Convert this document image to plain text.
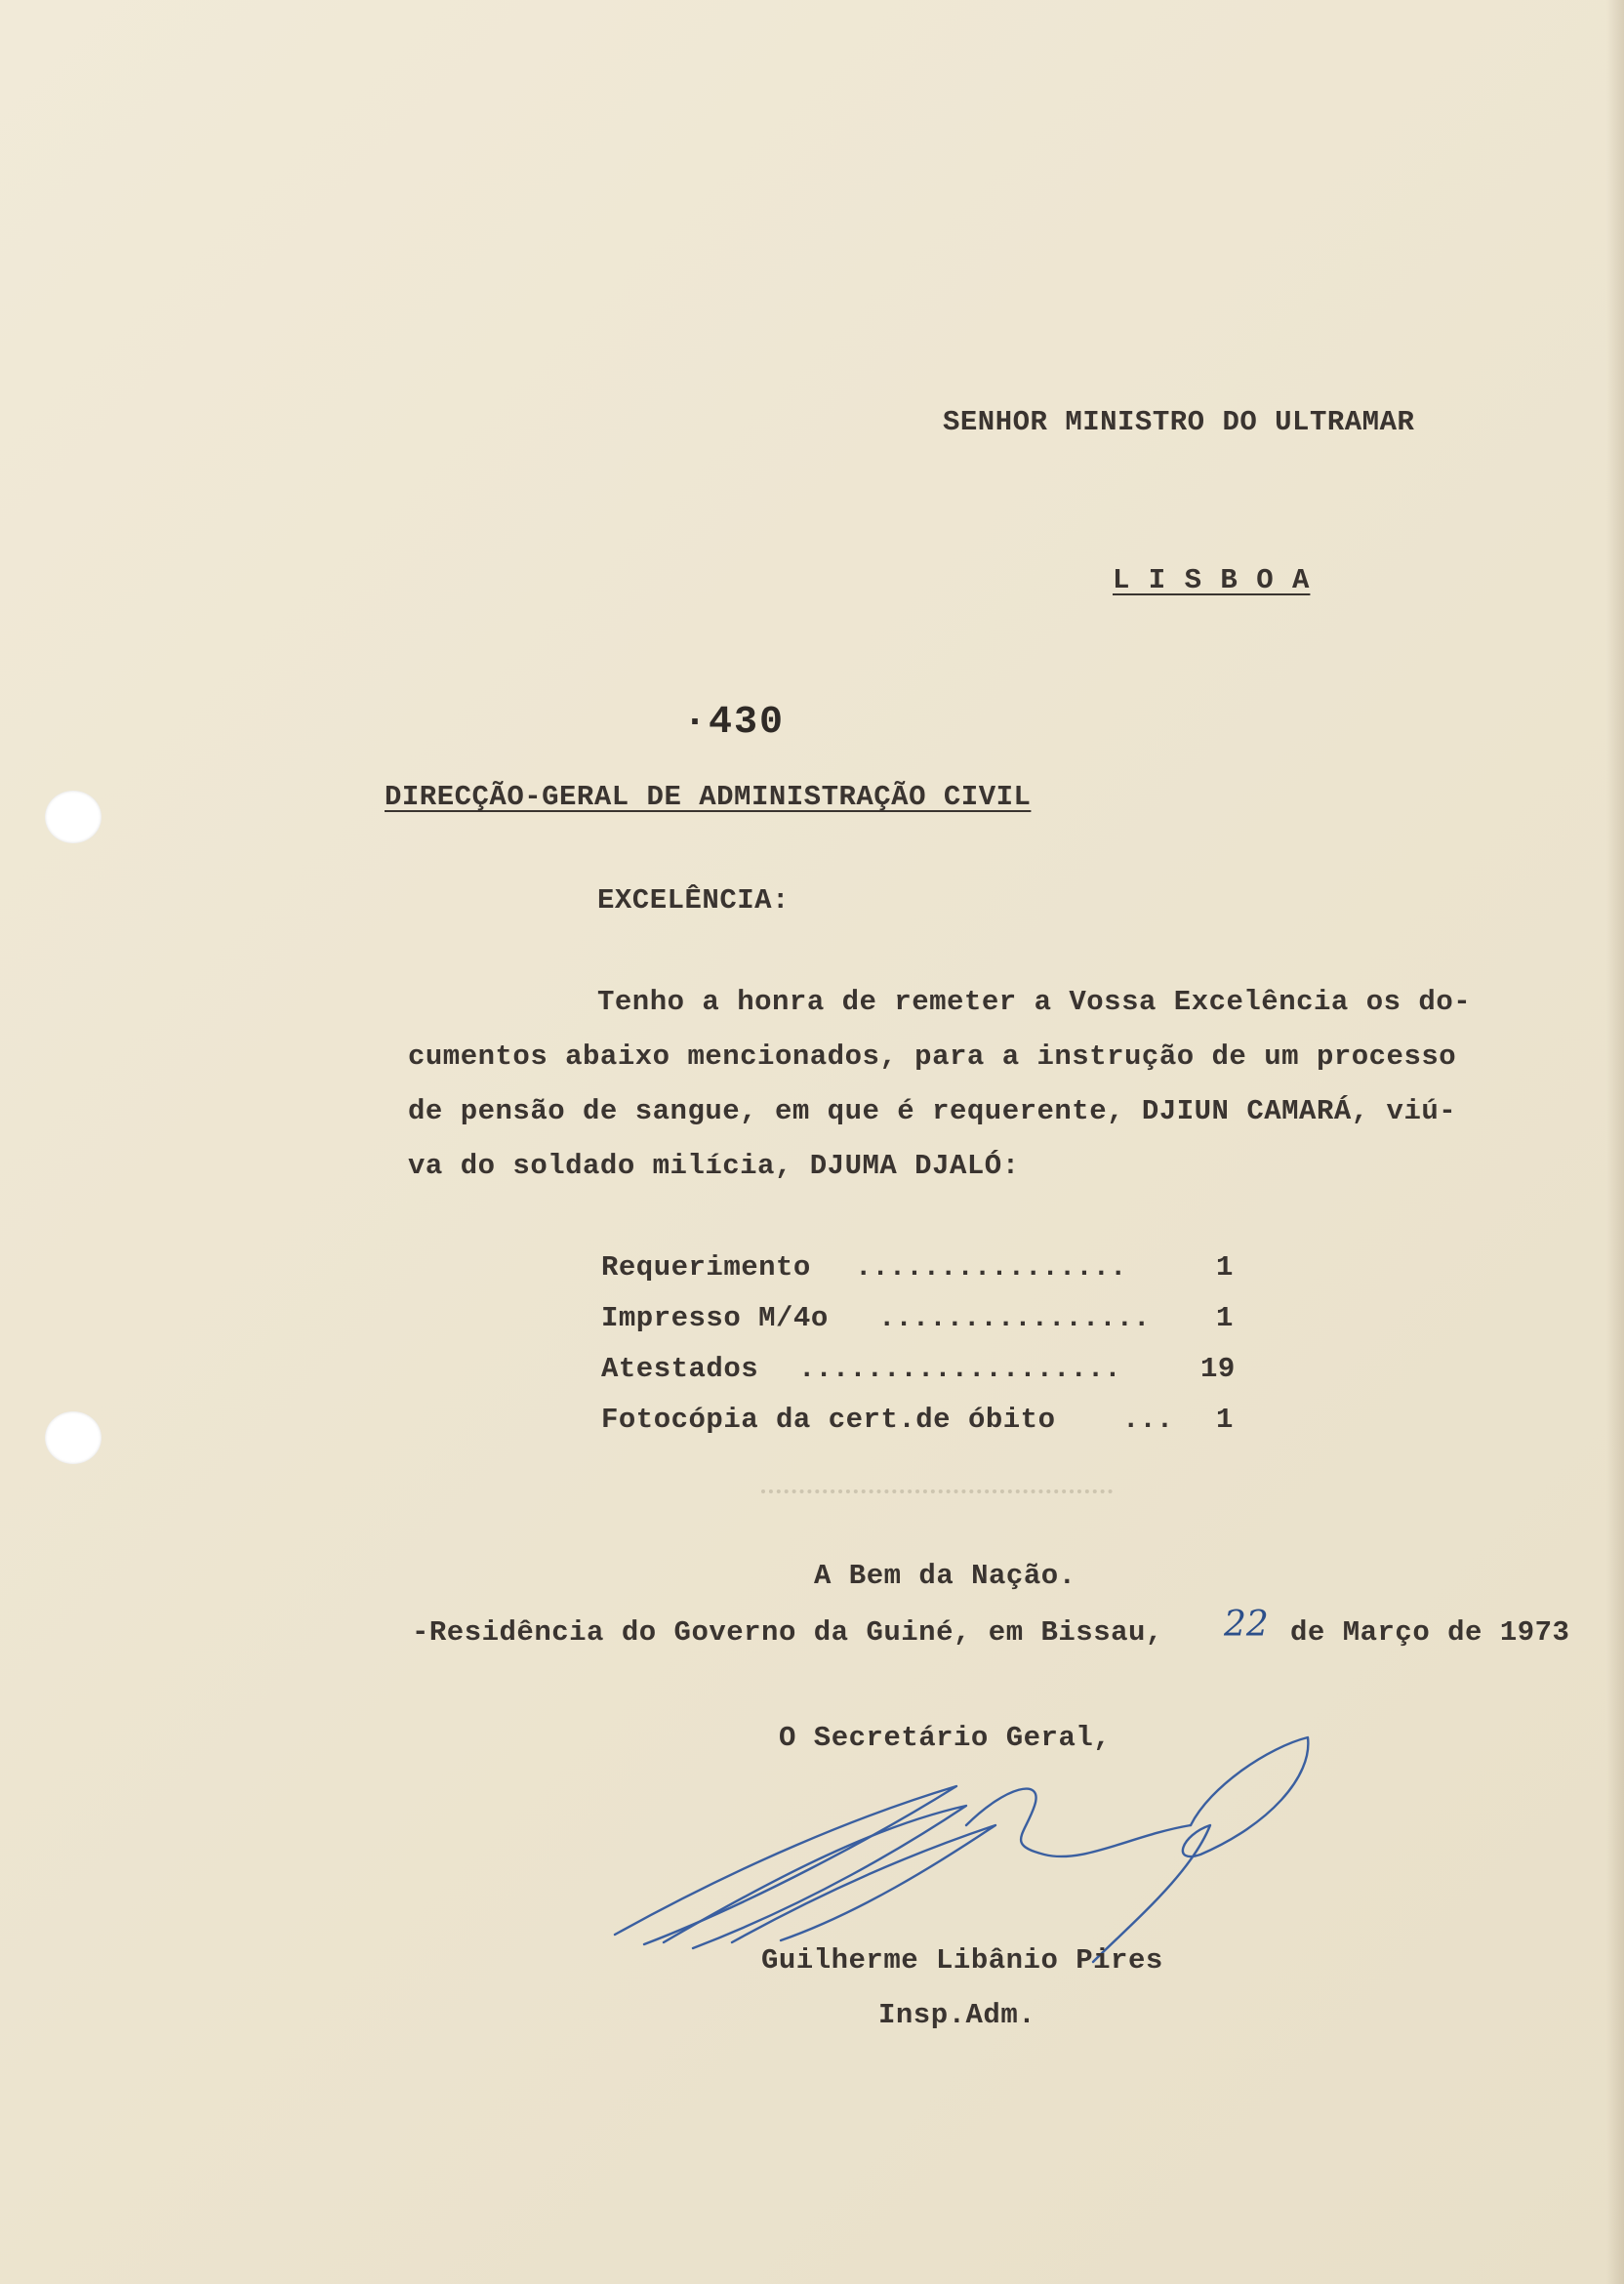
SENHOR MINISTRO DO ULTRAMAR
L I S B O A
·430
DIRECÇÃO-GERAL DE ADMINISTRAÇÃO CIVIL
EXCELÊNCIA:
Tenho a honra de remeter a Vossa Excelência os do-
cumentos abaixo mencionados, para a instrução de um processo
de pensão de sangue, em que é requerente, DJIUN CAMARÁ, viú-
va do soldado milícia, DJUMA DJALÓ:
Requerimento ................	1
Impresso M/4o ................ 1
Atestados ...................	19
Fotocópia da cert.de óbito ... 1
A Bem da Nação.
-Residência do Governo da Guiné, em Bissau, 22 de Março de 1973
O Secretário Geral,
Guilherme Libânio Pires
Insp.Adm.
